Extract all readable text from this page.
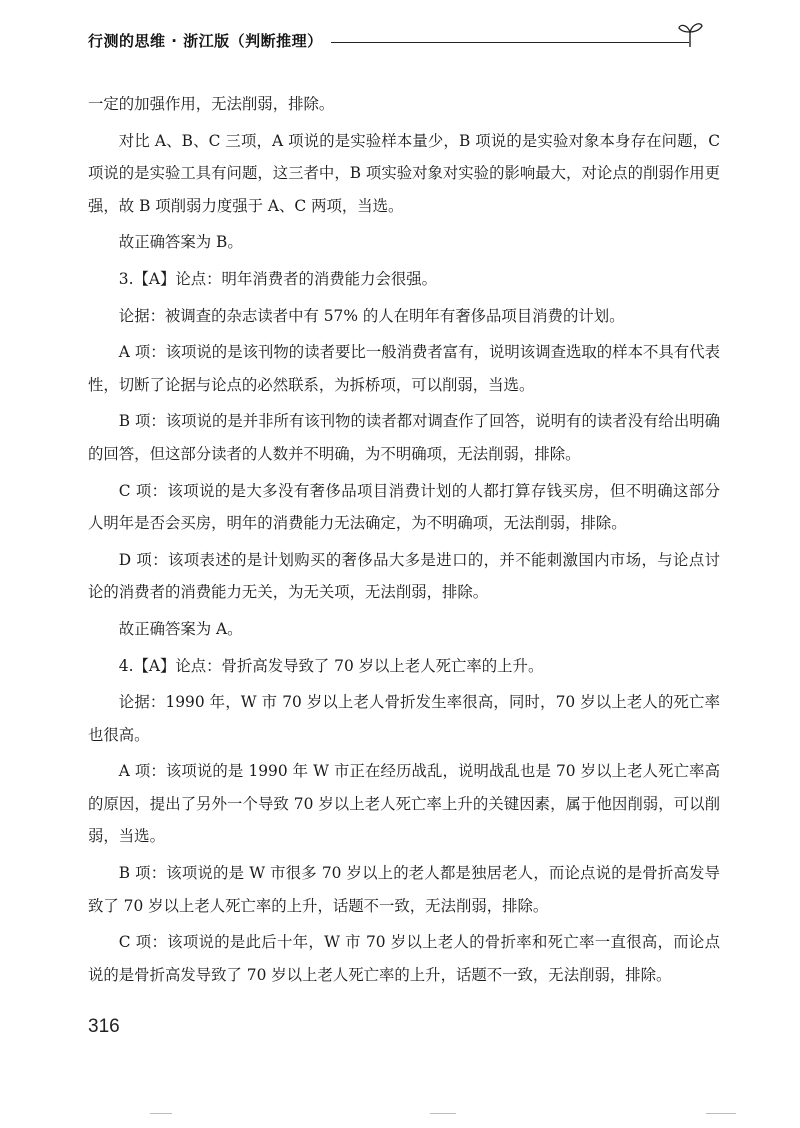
行测的思维 · 浙江版（判断推理）

一定的加强作用，无法削弱，排除。

对比 A、B、C 三项，A 项说的是实验样本量少，B 项说的是实验对象本身存在问题，C 项说的是实验工具有问题，这三者中，B 项实验对象对实验的影响最大，对论点的削弱作用更强，故 B 项削弱力度强于 A、C 两项，当选。

故正确答案为 B。

3.【A】论点：明年消费者的消费能力会很强。

论据：被调查的杂志读者中有 57% 的人在明年有奢侈品项目消费的计划。

A 项：该项说的是该刊物的读者要比一般消费者富有，说明该调查选取的样本不具有代表性，切断了论据与论点的必然联系，为拆桥项，可以削弱，当选。

B 项：该项说的是并非所有该刊物的读者都对调查作了回答，说明有的读者没有给出明确的回答，但这部分读者的人数并不明确，为不明确项，无法削弱，排除。

C 项：该项说的是大多没有奢侈品项目消费计划的人都打算存钱买房，但不明确这部分人明年是否会买房，明年的消费能力无法确定，为不明确项，无法削弱，排除。

D 项：该项表述的是计划购买的奢侈品大多是进口的，并不能刺激国内市场，与论点讨论的消费者的消费能力无关，为无关项，无法削弱，排除。

故正确答案为 A。

4.【A】论点：骨折高发导致了 70 岁以上老人死亡率的上升。

论据：1990 年，W 市 70 岁以上老人骨折发生率很高，同时，70 岁以上老人的死亡率也很高。

A 项：该项说的是 1990 年 W 市正在经历战乱，说明战乱也是 70 岁以上老人死亡率高的原因，提出了另外一个导致 70 岁以上老人死亡率上升的关键因素，属于他因削弱，可以削弱，当选。

B 项：该项说的是 W 市很多 70 岁以上的老人都是独居老人，而论点说的是骨折高发导致了 70 岁以上老人死亡率的上升，话题不一致，无法削弱，排除。

C 项：该项说的是此后十年，W 市 70 岁以上老人的骨折率和死亡率一直很高，而论点说的是骨折高发导致了 70 岁以上老人死亡率的上升，话题不一致，无法削弱，排除。

316
